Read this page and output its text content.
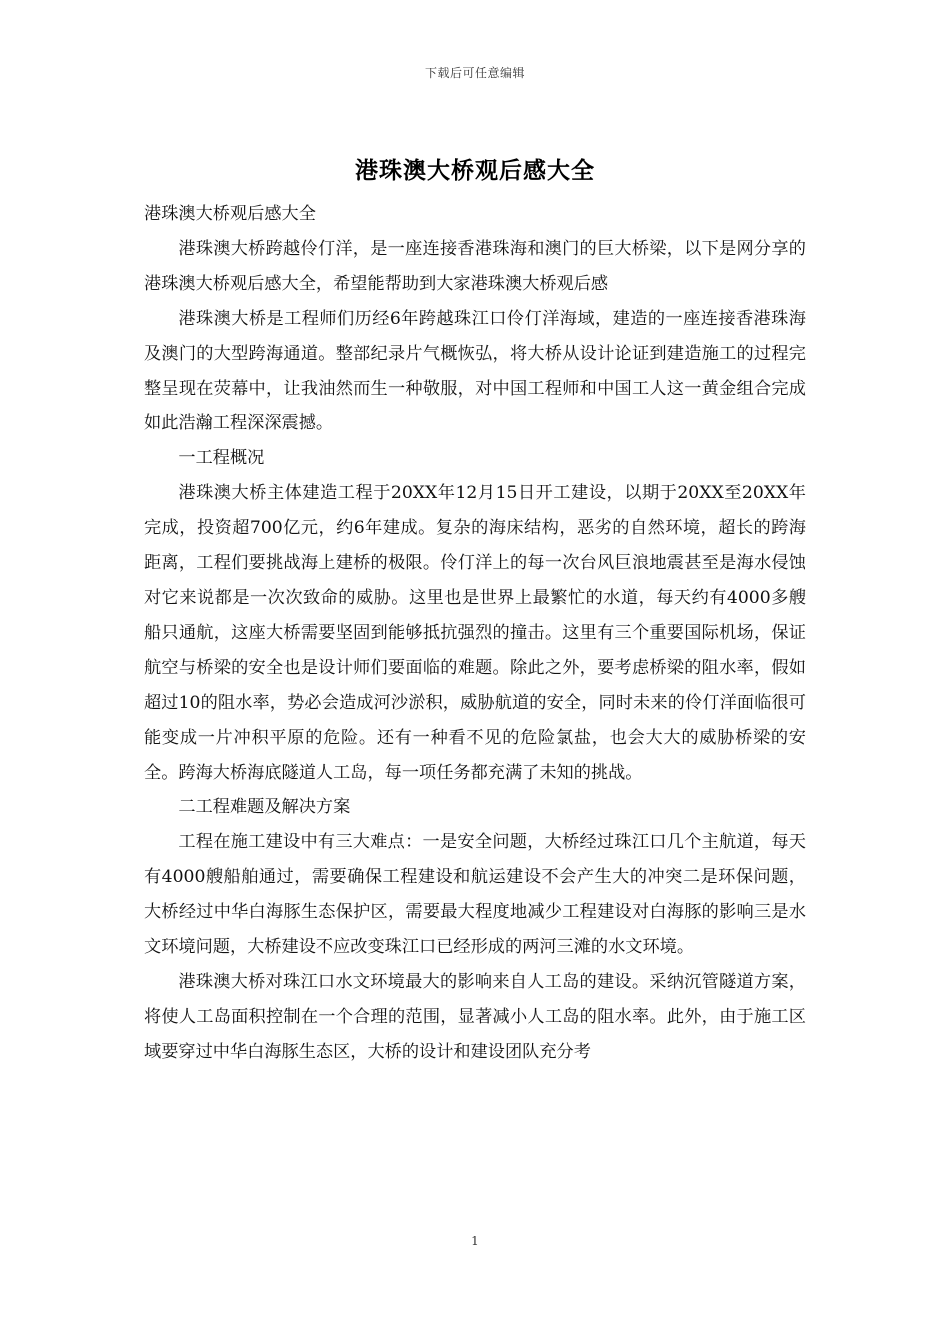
下载后可任意编辑
港珠澳大桥观后感大全

港珠澳大桥观后感大全

港珠澳大桥跨越伶仃洋，是一座连接香港珠海和澳门的巨大桥梁，以下是网分享的港珠澳大桥观后感大全，希望能帮助到大家港珠澳大桥观后感

港珠澳大桥是工程师们历经6年跨越珠江口伶仃洋海域，建造的一座连接香港珠海及澳门的大型跨海通道。整部纪录片气概恢弘，将大桥从设计论证到建造施工的过程完整呈现在荧幕中，让我油然而生一种敬服，对中国工程师和中国工人这一黄金组合完成如此浩瀚工程深深震撼。

一工程概况

港珠澳大桥主体建造工程于20XX年12月15日开工建设，以期于20XX至20XX年完成，投资超700亿元，约6年建成。复杂的海床结构，恶劣的自然环境，超长的跨海距离，工程们要挑战海上建桥的极限。伶仃洋上的每一次台风巨浪地震甚至是海水侵蚀对它来说都是一次次致命的威胁。这里也是世界上最繁忙的水道，每天约有4000多艘船只通航，这座大桥需要坚固到能够抵抗强烈的撞击。这里有三个重要国际机场，保证航空与桥梁的安全也是设计师们要面临的难题。除此之外，要考虑桥梁的阻水率，假如超过10的阻水率，势必会造成河沙淤积，威胁航道的安全，同时未来的伶仃洋面临很可能变成一片冲积平原的危险。还有一种看不见的危险氯盐，也会大大的威胁桥梁的安全。跨海大桥海底隧道人工岛，每一项任务都充满了未知的挑战。

二工程难题及解决方案

工程在施工建设中有三大难点：一是安全问题，大桥经过珠江口几个主航道，每天有4000艘船舶通过，需要确保工程建设和航运建设不会产生大的冲突二是环保问题，大桥经过中华白海豚生态保护区，需要最大程度地减少工程建设对白海豚的影响三是水文环境问题，大桥建设不应改变珠江口已经形成的两河三滩的水文环境。

港珠澳大桥对珠江口水文环境最大的影响来自人工岛的建设。采纳沉管隧道方案，将使人工岛面积控制在一个合理的范围，显著减小人工岛的阻水率。此外，由于施工区域要穿过中华白海豚生态区，大桥的设计和建设团队充分考

1
